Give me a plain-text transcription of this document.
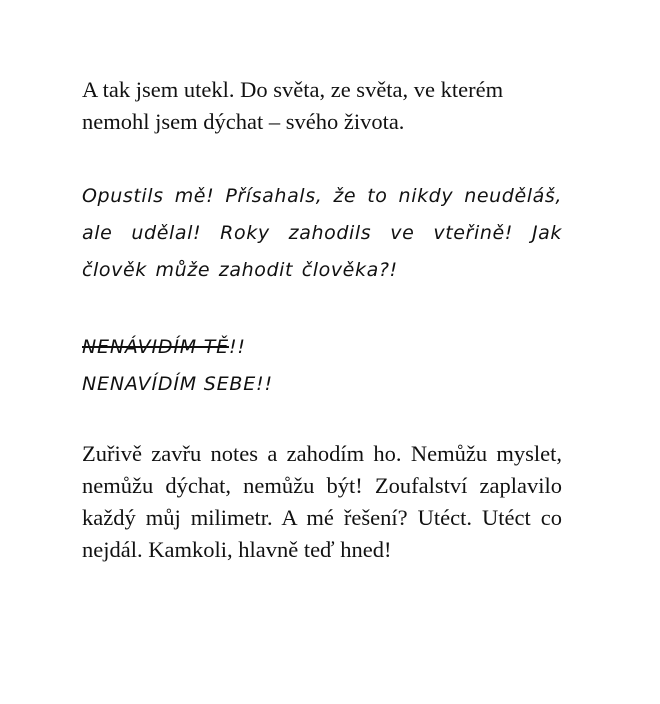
A tak jsem utekl. Do světa, ze světa, ve kterém nemohl jsem dýchat – svého života.

Opustils mě! Přísahals, že to nikdy neuděláš, ale udělal! Roky zahodils ve vteřině! Jak člověk může zahodit člověka?!

NENÁVIDÍM TĚ!!
NENAVÍDÍM SEBE!!

Zuřivě zavřu notes a zahodím ho. Nemůžu myslet, nemůžu dýchat, nemůžu být! Zoufalství zaplavilo každý můj milimetr. A mé řešení? Utéct. Utéct co nejdál. Kamkoli, hlavně teď hned!
